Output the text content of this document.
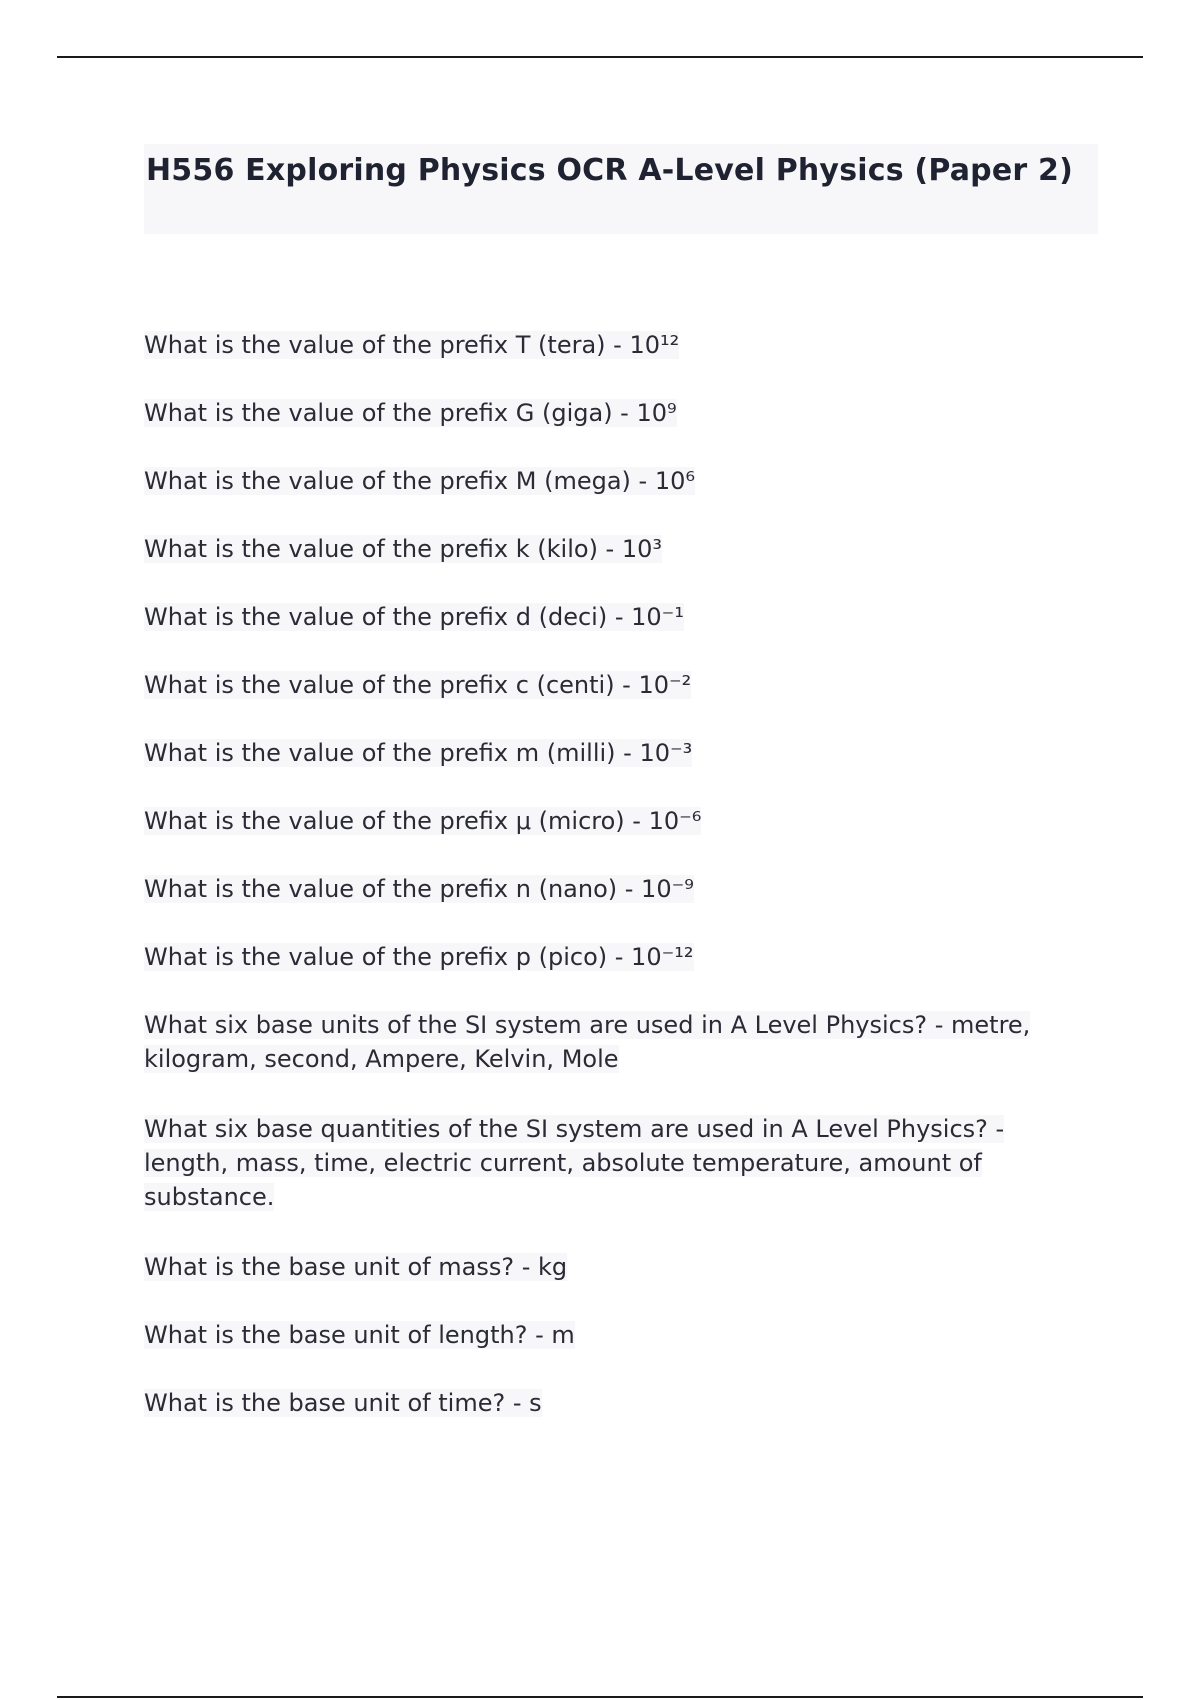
H556 Exploring Physics OCR A-Level Physics (Paper 2)
What is the value of the prefix T (tera) - 10¹²
What is the value of the prefix G (giga) - 10⁹
What is the value of the prefix M (mega) - 10⁶
What is the value of the prefix k (kilo) - 10³
What is the value of the prefix d (deci) - 10⁻¹
What is the value of the prefix c (centi) - 10⁻²
What is the value of the prefix m (milli) - 10⁻³
What is the value of the prefix μ (micro) - 10⁻⁶
What is the value of the prefix n (nano) - 10⁻⁹
What is the value of the prefix p (pico) - 10⁻¹²
What six base units of the SI system are used in A Level Physics? - metre, kilogram, second, Ampere, Kelvin, Mole
What six base quantities of the SI system are used in A Level Physics? - length, mass, time, electric current, absolute temperature, amount of substance.
What is the base unit of mass? - kg
What is the base unit of length? - m
What is the base unit of time? - s
